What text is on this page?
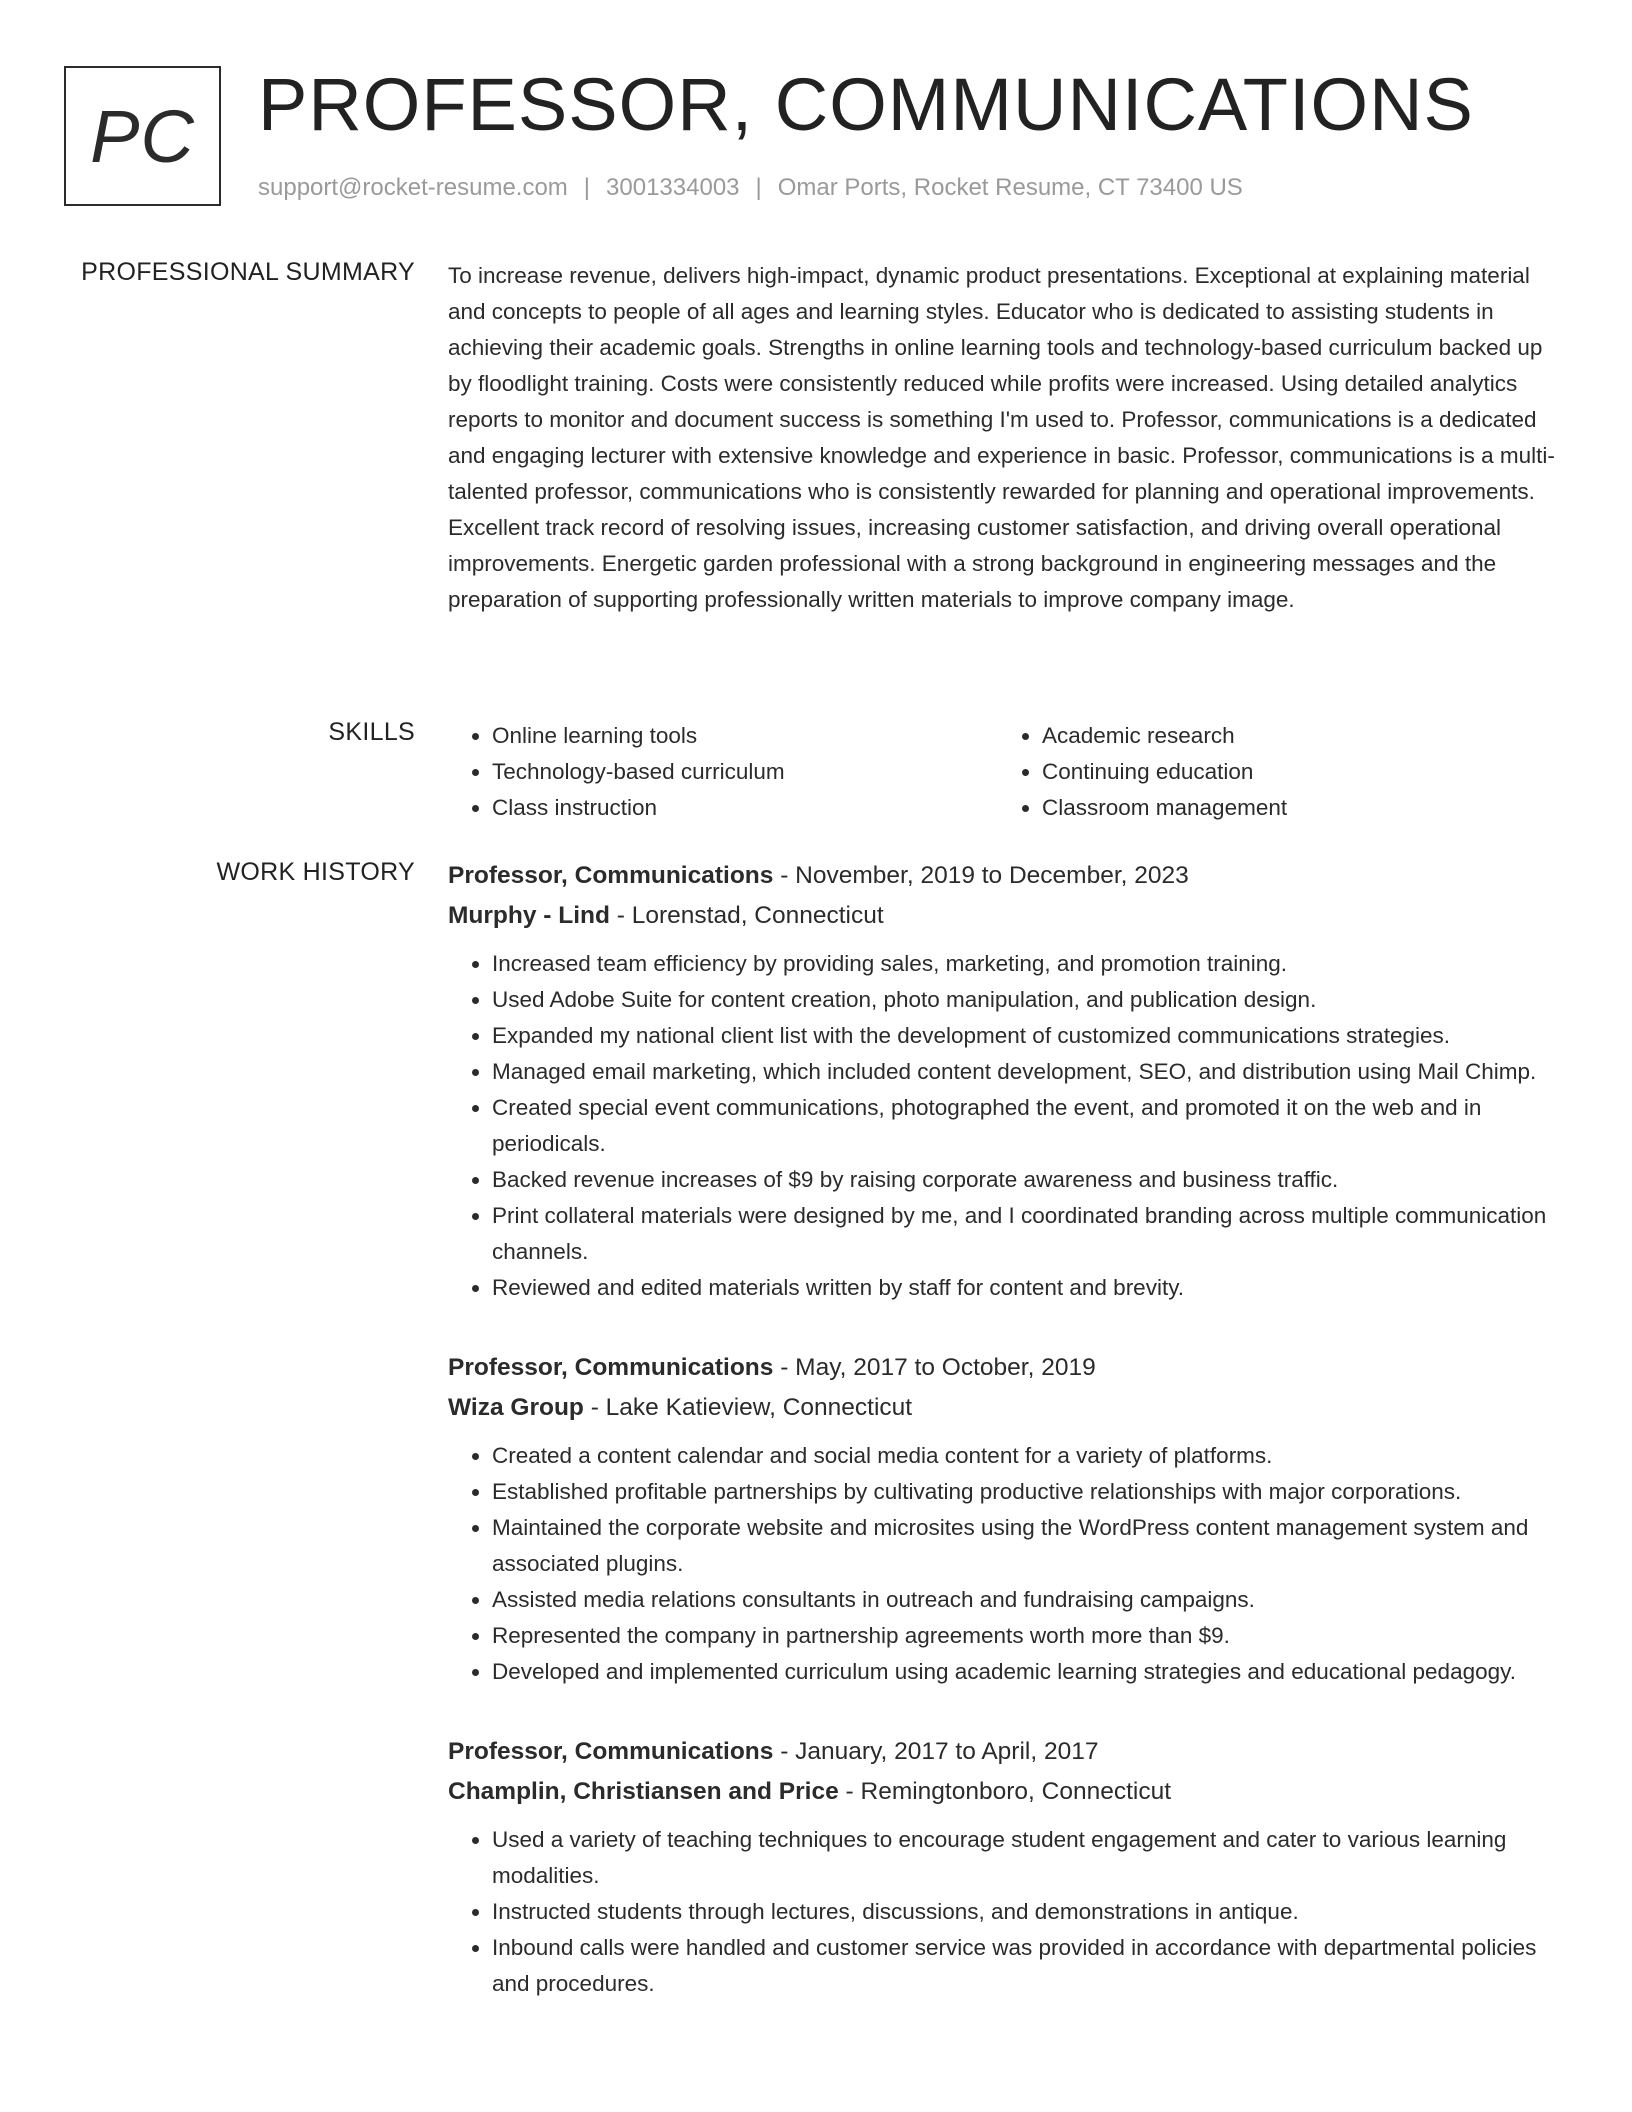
PC PROFESSOR, COMMUNICATIONS
support@rocket-resume.com | 3001334003 | Omar Ports, Rocket Resume, CT 73400 US
PROFESSIONAL SUMMARY To increase revenue, delivers high-impact, dynamic product presentations. Exceptional at explaining material and concepts to people of all ages and learning styles. Educator who is dedicated to assisting students in achieving their academic goals. Strengths in online learning tools and technology-based curriculum backed up by floodlight training. Costs were consistently reduced while profits were increased. Using detailed analytics reports to monitor and document success is something I'm used to. Professor, communications is a dedicated and engaging lecturer with extensive knowledge and experience in basic. Professor, communications is a multi-talented professor, communications who is consistently rewarded for planning and operational improvements. Excellent track record of resolving issues, increasing customer satisfaction, and driving overall operational improvements. Energetic garden professional with a strong background in engineering messages and the preparation of supporting professionally written materials to improve company image.

SKILLS
•	Online learning tools
• Technology-based curriculum
• Class instruction
• Academic research
• Continuing education
• Classroom management
WORK HISTORY Professor, Communications - November, 2019 to December, 2023
Murphy - Lind - Lorenstad, Connecticut
• Increased team efficiency by providing sales, marketing, and promotion training.
• Used Adobe Suite for content creation, photo manipulation, and publication design.
• Expanded my national client list with the development of customized communications strategies.
• Managed email marketing, which included content development, SEO, and distribution using Mail Chimp.
• Created special event communications, photographed the event, and promoted it on the web and in periodicals.
• Backed revenue increases of $9 by raising corporate awareness and business traffic.
• Print collateral materials were designed by me, and I coordinated branding across multiple communication channels.
• Reviewed and edited materials written by staff for content and brevity.
Professor, Communications - May, 2017 to October, 2019
Wiza Group - Lake Katieview, Connecticut
• Created a content calendar and social media content for a variety of platforms.
• Established profitable partnerships by cultivating productive relationships with major corporations.
• Maintained the corporate website and microsites using the WordPress content management system and associated plugins.
• Assisted media relations consultants in outreach and fundraising campaigns.
• Represented the company in partnership agreements worth more than $9.
• Developed and implemented curriculum using academic learning strategies and educational pedagogy.
Professor, Communications - January, 2017 to April, 2017
Champlin, Christiansen and Price - Remingtonboro, Connecticut
• Used a variety of teaching techniques to encourage student engagement and cater to various learning modalities.
• Instructed students through lectures, discussions, and demonstrations in antique.
• Inbound calls were handled and customer service was provided in accordance with departmental policies and procedures.
